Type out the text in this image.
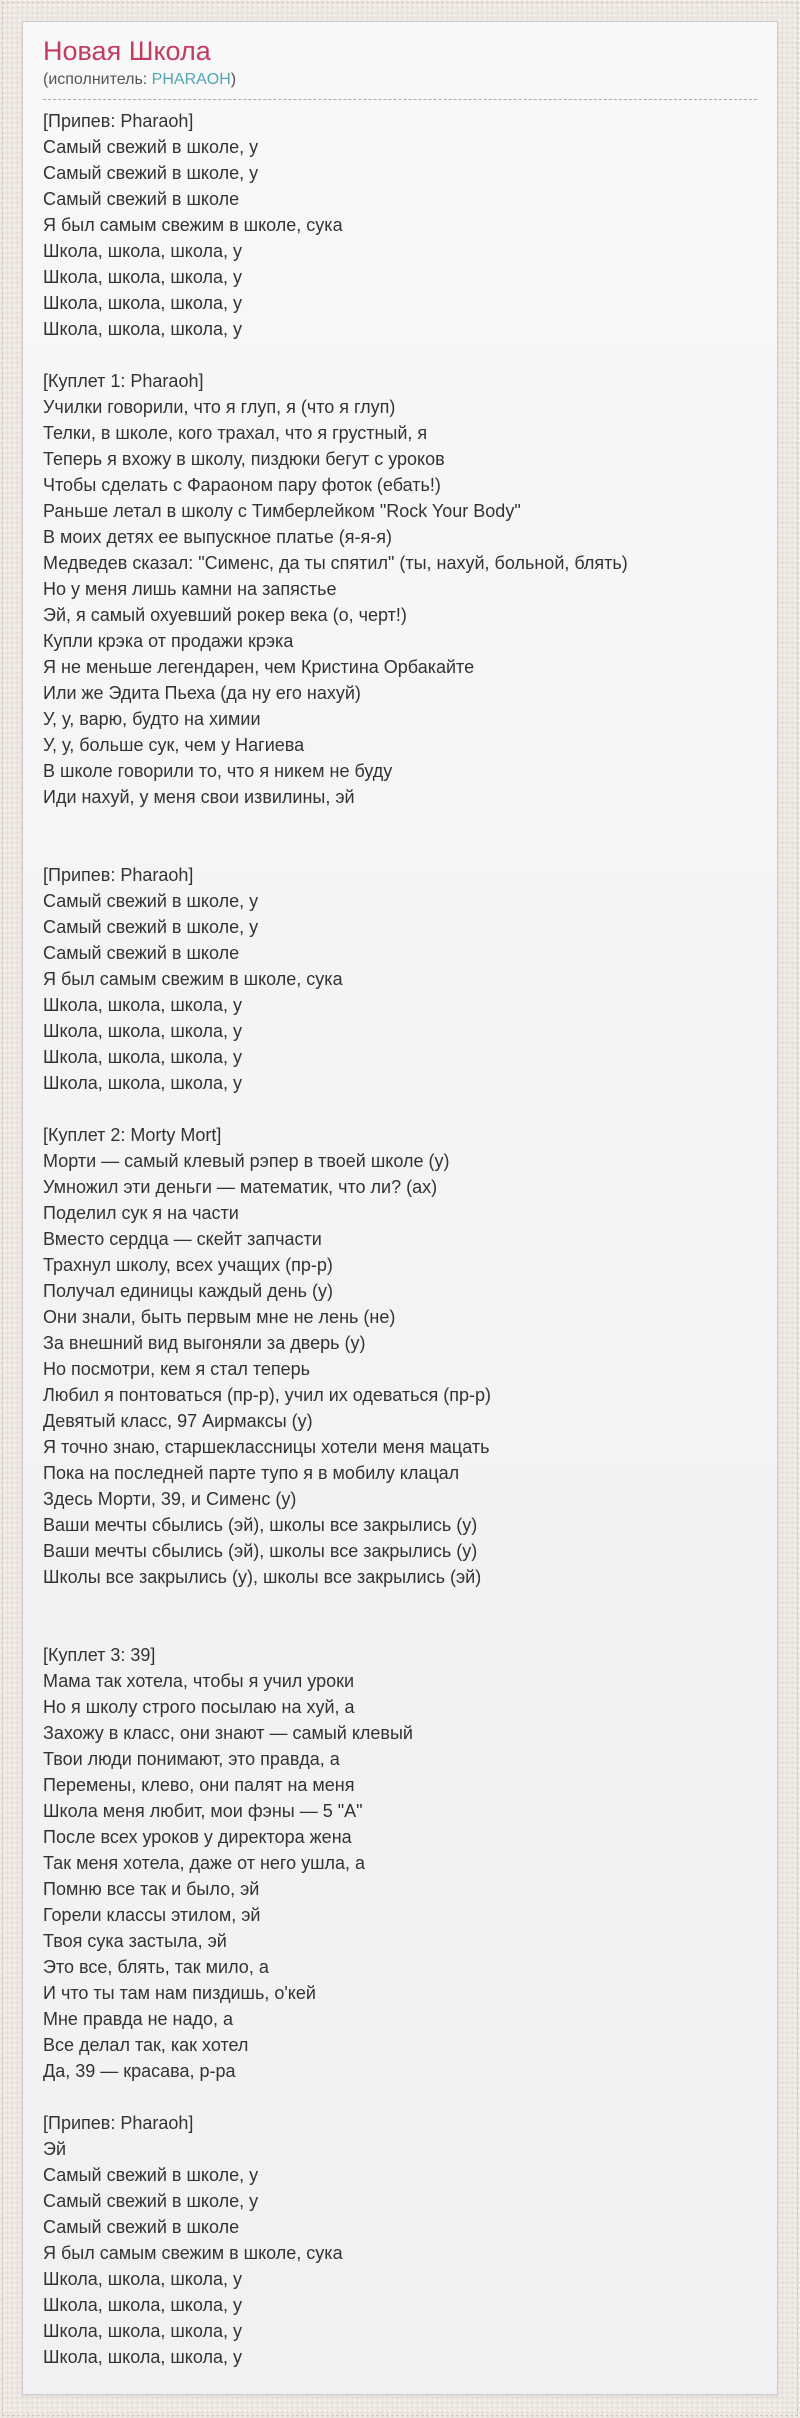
Новая Школа
(исполнитель: PHARAOH)
[Припев: Pharaoh]
Самый свежий в школе, у
Самый свежий в школе, у
Самый свежий в школе
Я был самым свежим в школе, сука
Школа, школа, школа, у
Школа, школа, школа, у
Школа, школа, школа, у
Школа, школа, школа, у

[Куплет 1: Pharaoh]
Училки говорили, что я глуп, я (что я глуп)
Телки, в школе, кого трахал, что я грустный, я
Теперь я вхожу в школу, пиздюки бегут с уроков
Чтобы сделать с Фараоном пару фоток (ебать!)
Раньше летал в школу с Тимберлейком "Rock Your Body"
В моих детях ее выпускное платье (я-я-я)
Медведев сказал: "Сименс, да ты спятил" (ты, нахуй, больной, блять)
Но у меня лишь камни на запястье
Эй, я самый охуевший рокер века (о, черт!)
Купли крэка от продажи крэка
Я не меньше легендарен, чем Кристина Орбакайте
Или же Эдита Пьеха (да ну его нахуй)
У, у, варю, будто на химии
У, у, больше сук, чем у Нагиева
В школе говорили то, что я никем не буду
Иди нахуй, у меня свои извилины, эй

[Припев: Pharaoh]
Самый свежий в школе, у
Самый свежий в школе, у
Самый свежий в школе
Я был самым свежим в школе, сука
Школа, школа, школа, у
Школа, школа, школа, у
Школа, школа, школа, у
Школа, школа, школа, у

[Куплет 2: Morty Mort]
Морти — самый клевый рэпер в твоей школе (у)
Умножил эти деньги — математик, что ли? (ах)
Поделил сук я на части
Вместо сердца — скейт запчасти
Трахнул школу, всех учащих (пр-р)
Получал единицы каждый день (у)
Они знали, быть первым мне не лень (не)
За внешний вид выгоняли за дверь (у)
Но посмотри, кем я стал теперь
Любил я понтоваться (пр-р), учил их одеваться (пр-р)
Девятый класс, 97 Аирмаксы (у)
Я точно знаю, старшеклассницы хотели меня мацать
Пока на последней парте тупо я в мобилу клацал
Здесь Морти, 39, и Сименс (у)
Ваши мечты сбылись (эй), школы все закрылись (у)
Ваши мечты сбылись (эй), школы все закрылись (у)
Школы все закрылись (у), школы все закрылись (эй)

[Куплет 3: 39]
Мама так хотела, чтобы я учил уроки
Но я школу строго посылаю на хуй, а
Захожу в класс, они знают — самый клевый
Твои люди понимают, это правда, а
Перемены, клево, они палят на меня
Школа меня любит, мои фэны — 5 "А"
После всех уроков у директора жена
Так меня хотела, даже от него ушла, а
Помню все так и было, эй
Горели классы этилом, эй
Твоя сука застыла, эй
Это все, блять, так мило, а
И что ты там нам пиздишь, о'кей
Мне правда не надо, а
Все делал так, как хотел
Да, 39 — красава, р-ра

[Припев: Pharaoh]
Эй
Самый свежий в школе, у
Самый свежий в школе, у
Самый свежий в школе
Я был самым свежим в школе, сука
Школа, школа, школа, у
Школа, школа, школа, у
Школа, школа, школа, у
Школа, школа, школа, у
